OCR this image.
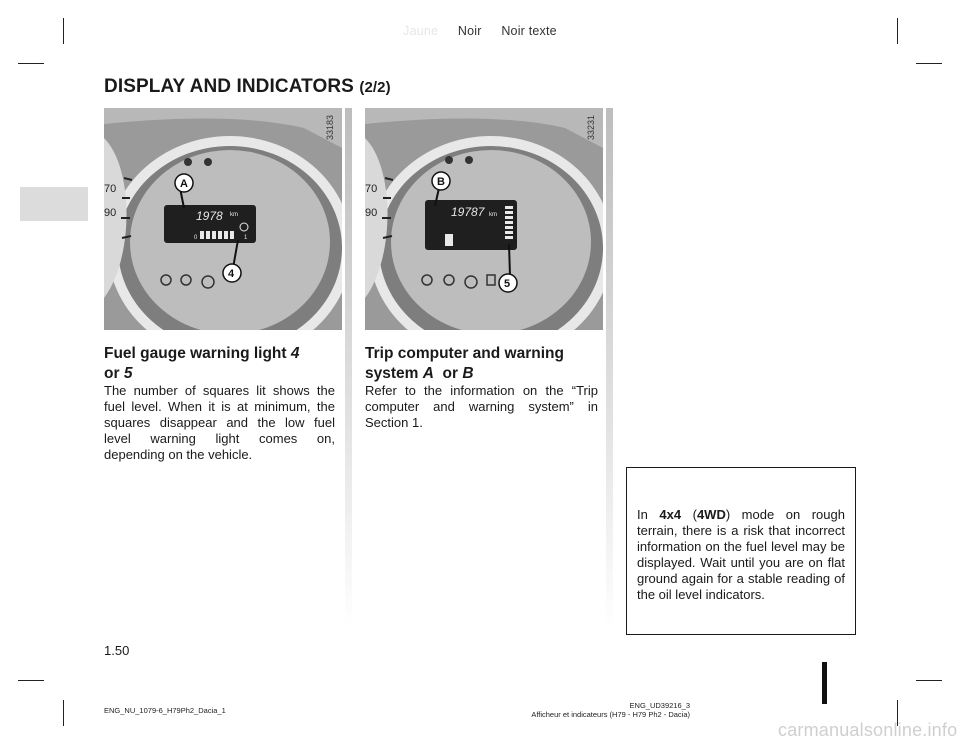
Jaune Noir Noir texte
DISPLAY AND INDICATORS (2/2)
70
90	1978 km
0	1
A
4
33183
70
90	19787 km
B
5
33231
Fuel gauge warning light 4
or 5
The number of squares lit shows the fuel level. When it is at minimum, the squares disappear and the low fuel level warning light comes on, depending on the vehicle.
Trip computer and warning
system A  or B
Refer to the information on the “Trip computer and warning system” in Section 1.
In 4x4 (4WD) mode on rough terrain, there is a risk that incorrect information on the fuel level may be displayed. Wait until you are on flat ground again for a stable reading of the oil level indicators.
1.50
ENG_NU_1079-6_H79Ph2_Dacia_1
ENG_UD39216_3
Afficheur et indicateurs (H79 - H79 Ph2 - Dacia)
carmanualsonline.info
